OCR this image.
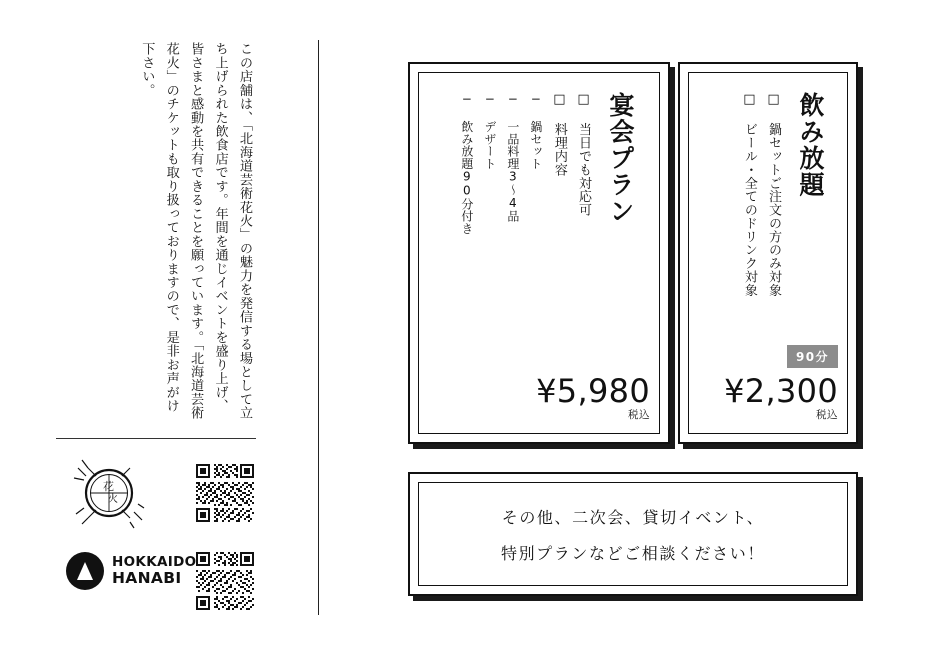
この店舗は、「北海道芸術花火」の魅力を発信する場として立ち上げられた飲食店です。年間を通じイベントを盛り上げ、皆さまと感動を共有できることを願っています。「北海道芸術花火」のチケットも取り扱っておりますので、是非お声がけ下さい。
花
火
HOKKAIDO
HANABI
宴会プラン
□ 当日でも対応可
□ 料理内容
− 鍋セット
− 一品料理3〜4品
− デザート
− 飲み放題90分付き
¥5,980
税込
飲み放題
□ 鍋セットご注文の方のみ対象
□ ビール・全てのドリンク対象
90分
¥2,300
税込
その他、二次会、貸切イベント、
特別プランなどご相談ください！
